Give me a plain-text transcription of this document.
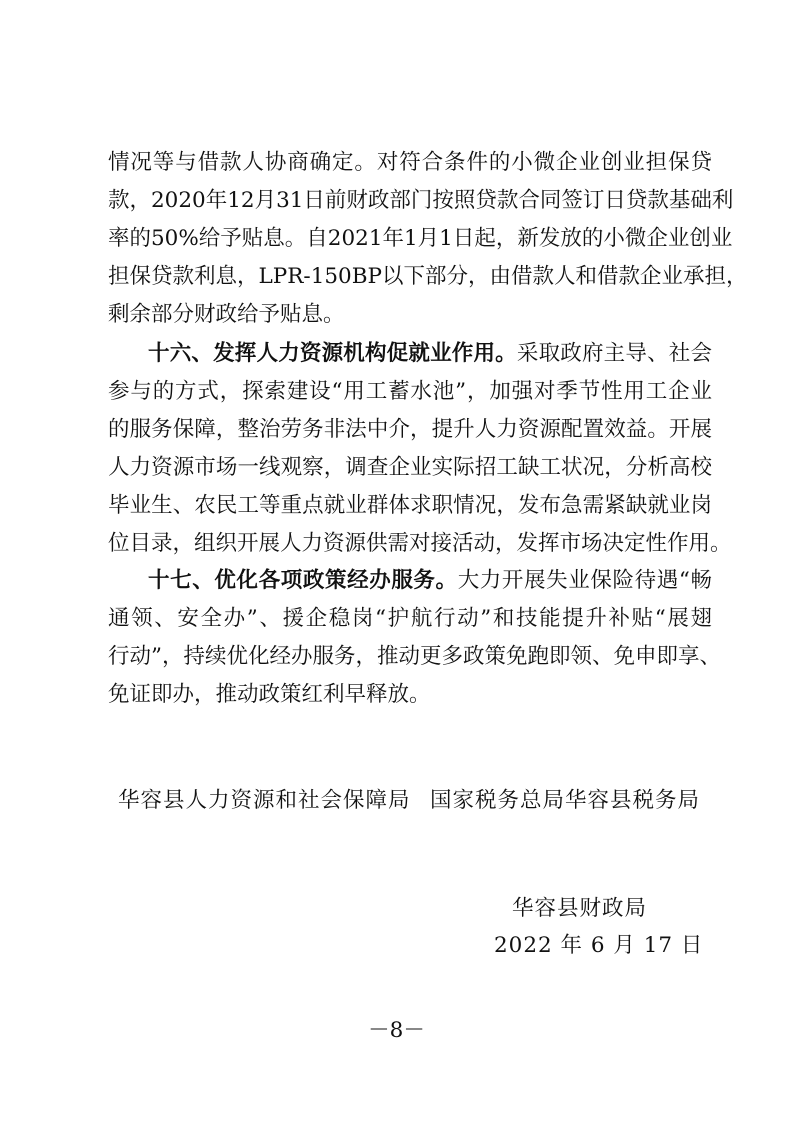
情况等与借款人协商确定。对符合条件的小微企业创业担保贷
款，2020年12月31日前财政部门按照贷款合同签订日贷款基础利
率的50%给予贴息。自2021年1月1日起，新发放的小微企业创业
担保贷款利息，LPR-150BP以下部分，由借款人和借款企业承担，
剩余部分财政给予贴息。
十六、发挥人力资源机构促就业作用。采取政府主导、社会
参与的方式，探索建设“用工蓄水池”，加强对季节性用工企业
的服务保障，整治劳务非法中介，提升人力资源配置效益。开展
人力资源市场一线观察，调查企业实际招工缺工状况，分析高校
毕业生、农民工等重点就业群体求职情况，发布急需紧缺就业岗
位目录，组织开展人力资源供需对接活动，发挥市场决定性作用。
十七、优化各项政策经办服务。大力开展失业保险待遇“畅
通领、安全办”、援企稳岗“护航行动”和技能提升补贴“展翅
行动”，持续优化经办服务，推动更多政策免跑即领、免申即享、
免证即办，推动政策红利早释放。
华容县人力资源和社会保障局 国家税务总局华容县税务局
华容县财政局
2022 年 6 月 17 日
－8－
